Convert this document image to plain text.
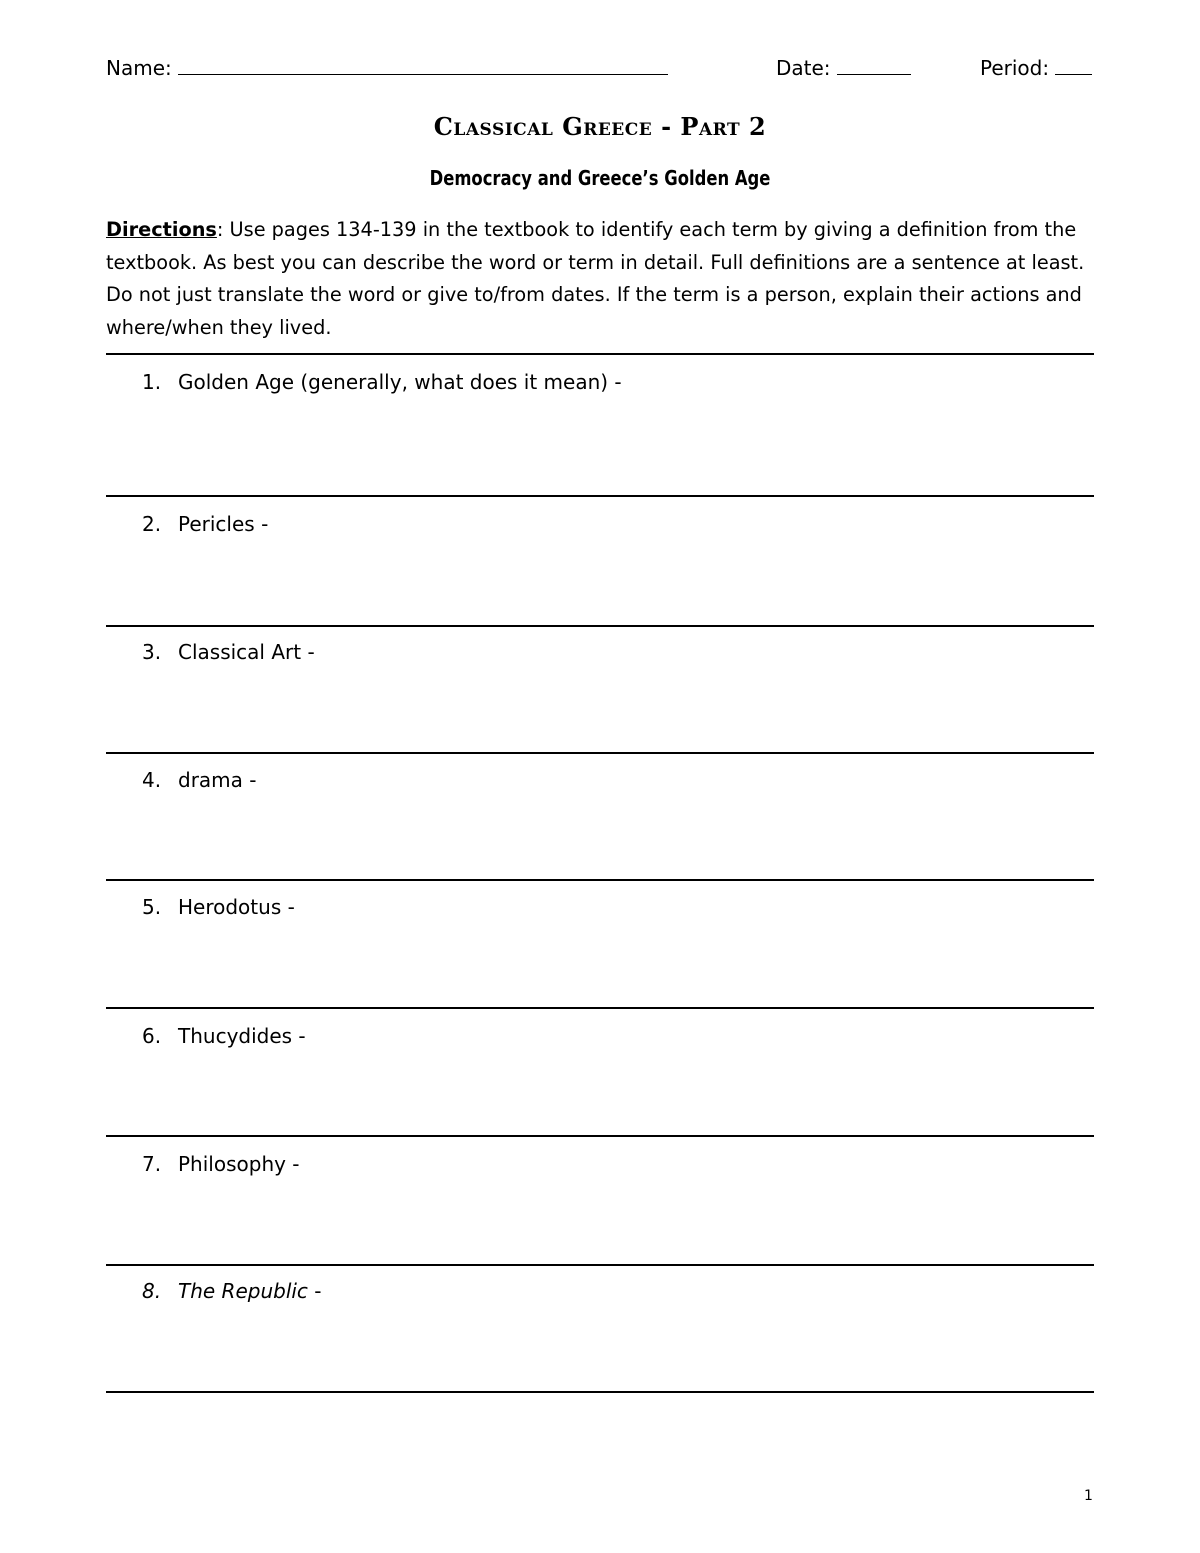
Name:	Date:	Period:
Classical Greece - Part 2
Democracy and Greece’s Golden Age
Directions: Use pages 134-139 in the textbook to identify each term by giving a definition from the textbook. As best you can describe the word or term in detail. Full definitions are a sentence at least. Do not just translate the word or give to/from dates. If the term is a person, explain their actions and where/when they lived.
1. Golden Age (generally, what does it mean) -
2. Pericles -
3. Classical Art -
4. drama -
5. Herodotus -
6. Thucydides -
7. Philosophy -
8. The Republic -
1
